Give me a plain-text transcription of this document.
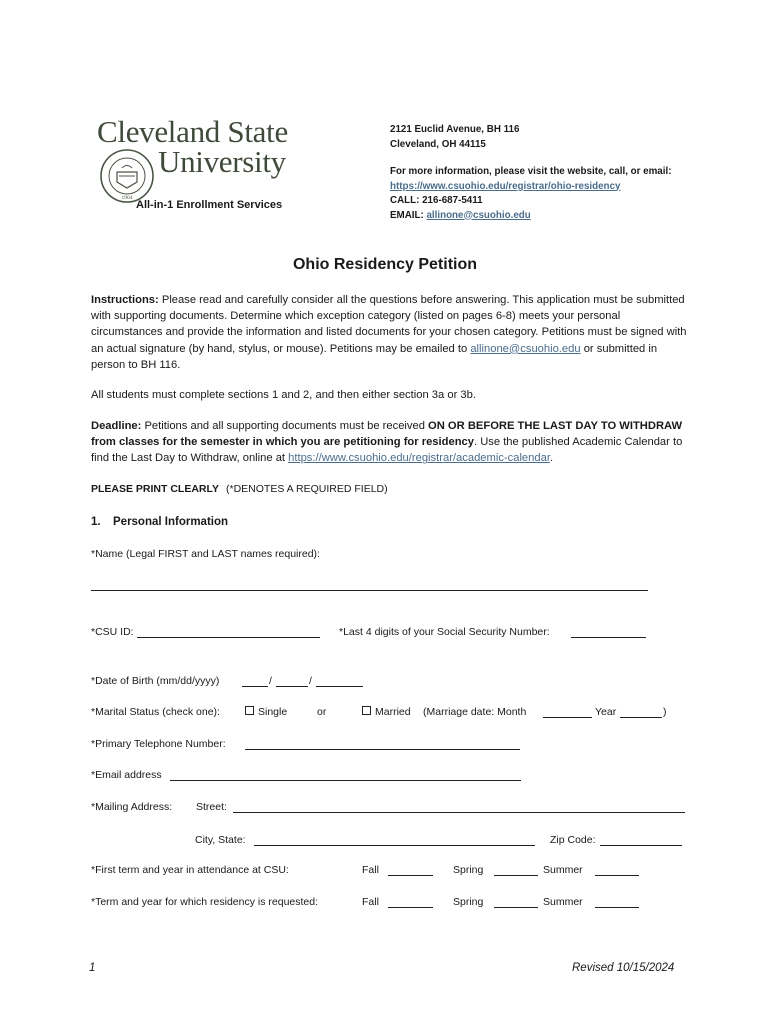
Cleveland State
University
1964
All-in-1 Enrollment Services
2121 Euclid Avenue, BH 116
Cleveland, OH 44115
For more information, please visit the website, call, or email:
https://www.csuohio.edu/registrar/ohio-residency
CALL: 216-687-5411
EMAIL: allinone@csuohio.edu
Ohio Residency Petition

Instructions: Please read and carefully consider all the questions before answering. This application must be submitted with supporting documents. Determine which exception category (listed on pages 6-8) meets your personal circumstances and provide the information and listed documents for your chosen category. Petitions must be signed with an actual signature (by hand, stylus, or mouse). Petitions may be emailed to allinone@csuohio.edu or submitted in person to BH 116.

All students must complete sections 1 and 2, and then either section 3a or 3b.

Deadline: Petitions and all supporting documents must be received ON OR BEFORE THE LAST DAY TO WITHDRAW from classes for the semester in which you are petitioning for residency. Use the published Academic Calendar to find the Last Day to Withdraw, online at https://www.csuohio.edu/registrar/academic-calendar.

PLEASE PRINT CLEARLY (*DENOTES A REQUIRED FIELD)
1. Personal Information
*Name (Legal FIRST and LAST names required):
*CSU ID:	*Last 4 digits of your Social Security Number:
*Date of Birth (mm/dd/yyyy)	/	/
*Marital Status (check one):	Single	or	Married (Marriage date: Month	Year	)
*Primary Telephone Number:
*Email address
*Mailing Address: Street:
City, State:	Zip Code:
*First term and year in attendance at CSU:	Fall	Spring	Summer
*Term and year for which residency is requested:	Fall	Spring	Summer
1	Revised 10/15/2024
